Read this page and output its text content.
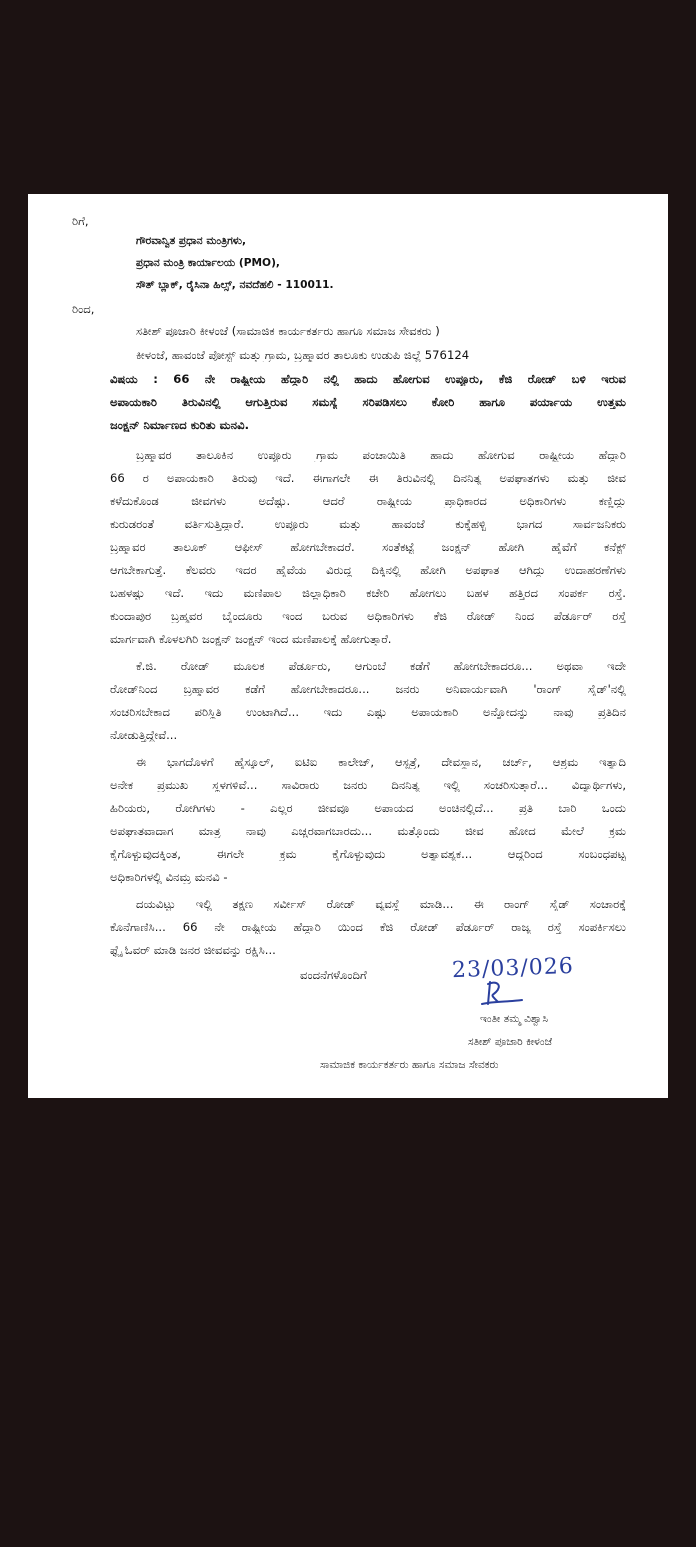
ರಿಗೆ,
ಗೌರವಾನ್ವಿತ ಪ್ರಧಾನ ಮಂತ್ರಿಗಳು,
ಪ್ರಧಾನ ಮಂತ್ರಿ ಕಾರ್ಯಾಲಯ (PMO),
ಸೌತ್ ಬ್ಲಾಕ್, ರೈಸಿನಾ ಹಿಲ್ಸ್, ನವದೆಹಲಿ - 110011.
ರಿಂದ,
ಸತೀಶ್ ಪೂಜಾರಿ ಕೀಳಂಜೆ (ಸಾಮಾಜಿಕ ಕಾರ್ಯಕರ್ತರು ಹಾಗೂ ಸಮಾಜ ಸೇವಕರು )
ಕೀಳಂಜೆ, ಹಾವಂಜೆ ಪೋಸ್ಟ್ ಮತ್ತು ಗ್ರಾಮ, ಬ್ರಹ್ಮಾವರ ತಾಲೂಕು ಉಡುಪಿ ಜಿಲ್ಲೆ 576124
ವಿಷಯ : 66 ನೇ ರಾಷ್ಟ್ರೀಯ ಹೆದ್ದಾರಿ ನಲ್ಲಿ ಹಾದು ಹೋಗುವ ಉಪ್ಪೂರು, ಕೆಜಿ ರೋಡ್ ಬಳಿ ಇರುವ
ಅಪಾಯಕಾರಿ ತಿರುವಿನಲ್ಲಿ ಆಗುತ್ತಿರುವ ಸಮಸ್ಯೆ ಸರಿಪಡಿಸಲು ಕೋರಿ ಹಾಗೂ ಪರ್ಯಾಯ ಉತ್ತಮ
ಜಂಕ್ಷನ್ ನಿರ್ಮಾಣದ ಕುರಿತು ಮನವಿ.
ಬ್ರಹ್ಮಾವರ ತಾಲೂಕಿನ ಉಪ್ಪೂರು ಗ್ರಾಮ ಪಂಚಾಯಿತಿ ಹಾದು ಹೋಗುವ ರಾಷ್ಟ್ರೀಯ ಹೆದ್ದಾರಿ
66 ರ ಅಪಾಯಕಾರಿ ತಿರುವು ಇದೆ. ಈಗಾಗಲೇ ಈ ತಿರುವಿನಲ್ಲಿ ದಿನನಿತ್ಯ ಅಪಘಾತಗಳು ಮತ್ತು ಜೀವ
ಕಳೆದುಕೊಂಡ ಜೀವಗಳು ಅದೆಷ್ಟು. ಆದರೆ ರಾಷ್ಟ್ರೀಯ ಪ್ರಾಧಿಕಾರದ ಅಧಿಕಾರಿಗಳು ಕಣ್ಣಿದ್ದು
ಕುರುಡರಂತೆ ವರ್ತಿಸುತ್ತಿದ್ದಾರೆ. ಉಪ್ಪೂರು ಮತ್ತು ಹಾವಂಜೆ ಕುಕ್ಕೆಹಳ್ಳಿ ಭಾಗದ ಸಾರ್ವಜನಿಕರು
ಬ್ರಹ್ಮಾವರ ತಾಲೂಕ್ ಆಫೀಸ್ ಹೋಗಬೇಕಾದರೆ. ಸಂತೆಕಟ್ಟೆ ಜಂಕ್ಷನ್ ಹೋಗಿ ಹೈವೆಗೆ ಕನೆಕ್ಟ್
ಆಗಬೇಕಾಗುತ್ತೆ. ಕೆಲವರು ಇದರ ಹೈವೆಯ ವಿರುದ್ಧ ದಿಕ್ಕಿನಲ್ಲಿ ಹೋಗಿ ಅಪಘಾತ ಆಗಿದ್ದು ಉದಾಹರಣೆಗಳು
ಬಹಳಷ್ಟು ಇದೆ. ಇದು ಮಣಿಪಾಲ ಜಿಲ್ಲಾಧಿಕಾರಿ ಕಚೇರಿ ಹೋಗಲು ಬಹಳ ಹತ್ತಿರದ ಸಂಪರ್ಕ ರಸ್ತೆ.
ಕುಂದಾಪುರ ಬ್ರಹ್ಮವರ ಬೈಂದೂರು ಇಂದ ಬರುವ ಅಧಿಕಾರಿಗಳು ಕೆಜಿ ರೋಡ್ ನಿಂದ ಪೆರ್ಡೂರ್ ರಸ್ತೆ
ಮಾರ್ಗವಾಗಿ ಕೊಳಲಗಿರಿ ಜಂಕ್ಷನ್ ಜಂಕ್ಷನ್ ಇಂದ ಮಣಿಪಾಲಕ್ಕೆ ಹೋಗುತ್ತಾರೆ.
ಕೆ.ಜಿ. ರೋಡ್ ಮೂಲಕ ಪೆರ್ಡೂರು, ಆಗುಂಬೆ ಕಡೆಗೆ ಹೋಗಬೇಕಾದರೂ... ಅಥವಾ ಇದೇ
ರೋಡ್‌ನಿಂದ ಬ್ರಹ್ಮಾವರ ಕಡೆಗೆ ಹೋಗಬೇಕಾದರೂ... ಜನರು ಅನಿವಾರ್ಯವಾಗಿ 'ರಾಂಗ್ ಸೈಡ್'ನಲ್ಲಿ
ಸಂಚರಿಸಬೇಕಾದ ಪರಿಸ್ಥಿತಿ ಉಂಟಾಗಿದೆ... ಇದು ಎಷ್ಟು ಅಪಾಯಕಾರಿ ಅನ್ನೋದನ್ನು ನಾವು ಪ್ರತಿದಿನ
ನೋಡುತ್ತಿದ್ದೇವೆ...
ಈ ಭಾಗದೊಳಗೆ ಹೈಸ್ಕೂಲ್, ಐಟಿಐ ಕಾಲೇಜ್, ಆಸ್ಪತ್ರೆ, ದೇವಸ್ಥಾನ, ಚರ್ಚ್, ಆಶ್ರಮ ಇತ್ಯಾದಿ
ಅನೇಕ ಪ್ರಮುಖ ಸ್ಥಳಗಳಿವೆ... ಸಾವಿರಾರು ಜನರು ದಿನನಿತ್ಯ ಇಲ್ಲಿ ಸಂಚರಿಸುತ್ತಾರೆ... ವಿದ್ಯಾರ್ಥಿಗಳು,
ಹಿರಿಯರು, ರೋಗಿಗಳು - ಎಲ್ಲರ ಜೀವವೂ ಅಪಾಯದ ಅಂಚಿನಲ್ಲಿದೆ... ಪ್ರತಿ ಬಾರಿ ಒಂದು
ಅಪಘಾತವಾದಾಗ ಮಾತ್ರ ನಾವು ಎಚ್ಚರವಾಗಬಾರದು... ಮತ್ತೊಂದು ಜೀವ ಹೋದ ಮೇಲೆ ಕ್ರಮ
ಕೈಗೊಳ್ಳುವುದಕ್ಕಿಂತ, ಈಗಲೇ ಕ್ರಮ ಕೈಗೊಳ್ಳುವುದು ಅತ್ಯಾವಶ್ಯಕ... ಆದ್ದರಿಂದ ಸಂಬಂಧಪಟ್ಟ
ಅಧಿಕಾರಿಗಳಲ್ಲಿ ವಿನಮ್ರ ಮನವಿ -
ದಯವಿಟ್ಟು ಇಲ್ಲಿ ತಕ್ಷಣ ಸರ್ವೀಸ್ ರೋಡ್ ವ್ಯವಸ್ಥೆ ಮಾಡಿ... ಈ ರಾಂಗ್ ಸೈಡ್ ಸಂಚಾರಕ್ಕೆ
ಕೊನೆಗಾಣಿಸಿ... 66 ನೇ ರಾಷ್ಟ್ರೀಯ ಹೆದ್ದಾರಿ ಯಿಂದ ಕೆಜಿ ರೋಡ್ ಪೆರ್ಡೂರ್ ರಾಜ್ಯ ರಸ್ತೆ ಸಂಪರ್ಕಿಸಲು
ಫ್ಲೈ ಓವರ್ ಮಾಡಿ ಜನರ ಜೀವವನ್ನು ರಕ್ಷಿಸಿ...
ವಂದನೆಗಳೊಂದಿಗೆ	23/03/026
ಇಂತೀ ತಮ್ಮ ವಿಶ್ವಾಸಿ
ಸತೀಶ್ ಪೂಜಾರಿ ಕೀಳಂಜೆ
ಸಾಮಾಜಿಕ ಕಾರ್ಯಕರ್ತರು ಹಾಗೂ ಸಮಾಜ ಸೇವಕರು
